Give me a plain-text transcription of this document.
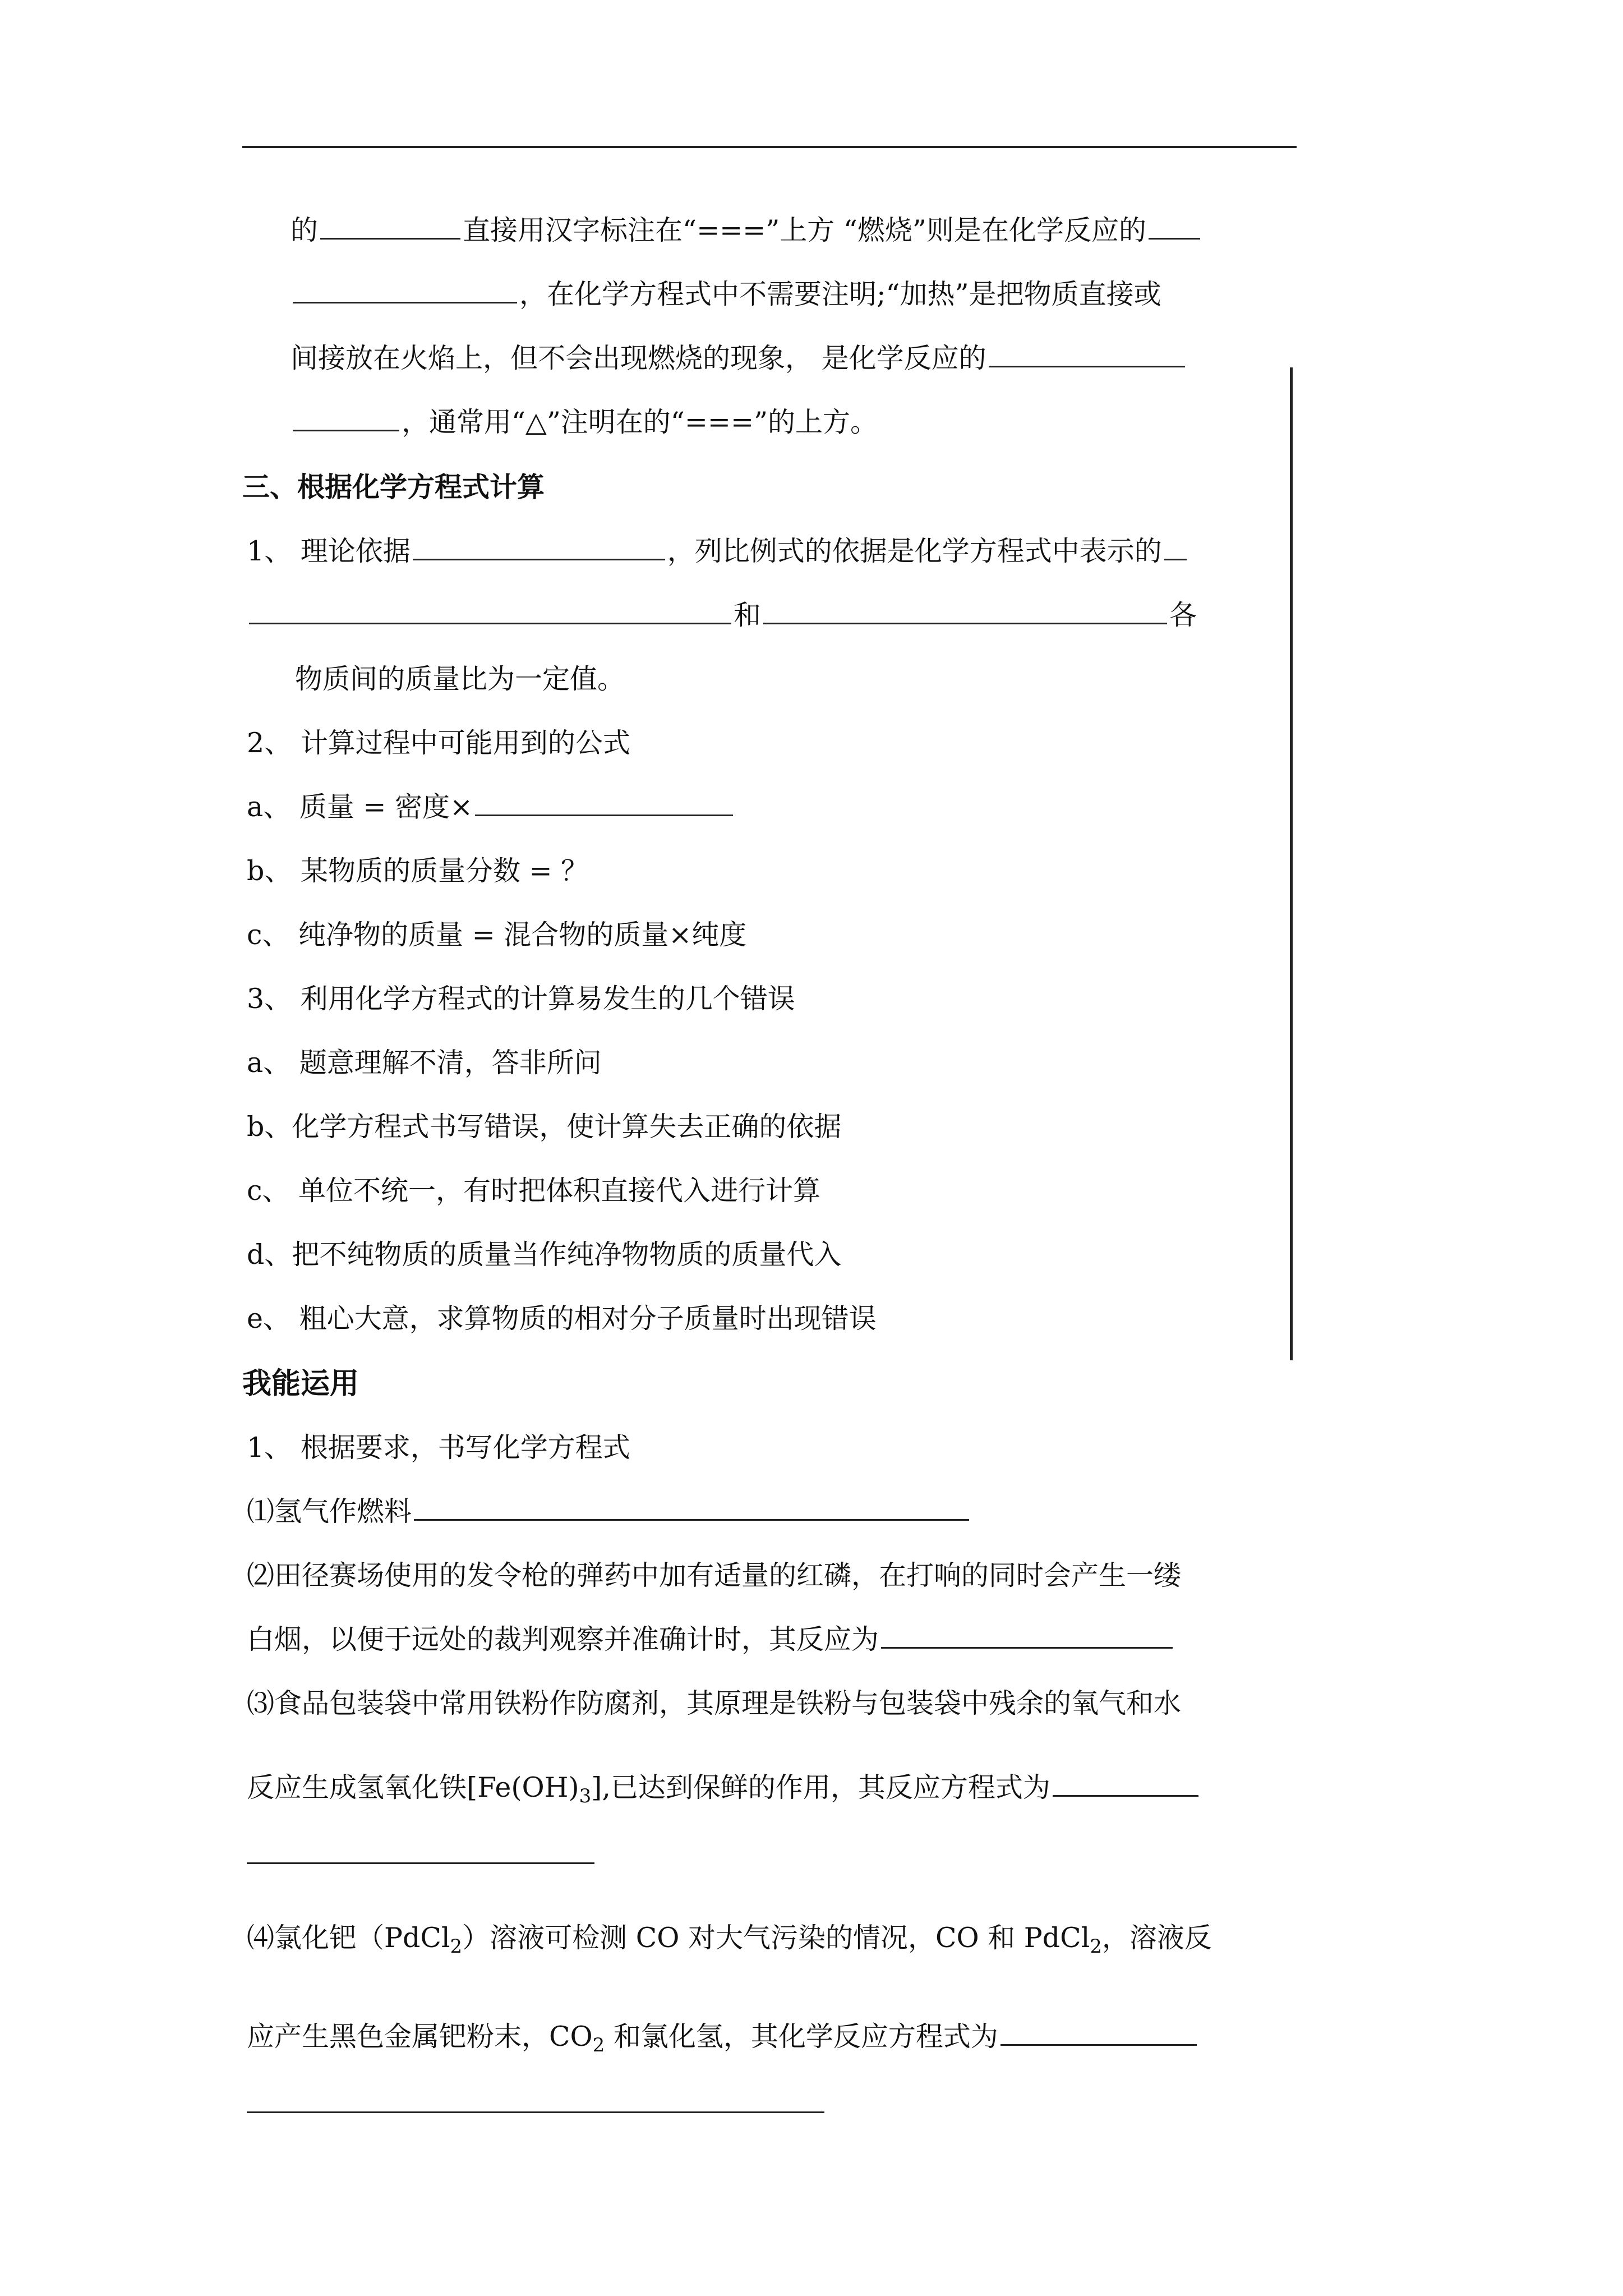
的	直接用汉字标注在“===”上方 “燃烧”则是在化学反应的
，在化学方程式中不需要注明;“加热”是把物质直接或
间接放在火焰上，但不会出现燃烧的现象， 是化学反应的
，通常用“△”注明在的“===”的上方。
三、根据化学方程式计算
1、 理论依据	，列比例式的依据是化学方程式中表示的
和	各
物质间的质量比为一定值。
2、 计算过程中可能用到的公式
a、 质量 = 密度×
b、 某物质的质量分数 = ？
c、 纯净物的质量 = 混合物的质量×纯度
3、 利用化学方程式的计算易发生的几个错误
a、 题意理解不清，答非所问
b、化学方程式书写错误，使计算失去正确的依据
c、 单位不统一，有时把体积直接代入进行计算
d、把不纯物质的质量当作纯净物物质的质量代入
e、 粗心大意，求算物质的相对分子质量时出现错误
我能运用
1、 根据要求，书写化学方程式
⑴氢气作燃料
⑵田径赛场使用的发令枪的弹药中加有适量的红磷，在打响的同时会产生一缕
白烟，以便于远处的裁判观察并准确计时，其反应为
⑶食品包装袋中常用铁粉作防腐剂，其原理是铁粉与包装袋中残余的氧气和水
反应生成氢氧化铁$[Fe(OH)_3]$,已达到保鲜的作用，其反应方程式为
⑷氯化钯（PdCl$_2$）溶液可检测 CO 对大气污染的情况，CO 和 PdCl$_2$，溶液反
应产生黑色金属钯粉末，$CO_2$ 和氯化氢，其化学反应方程式为
